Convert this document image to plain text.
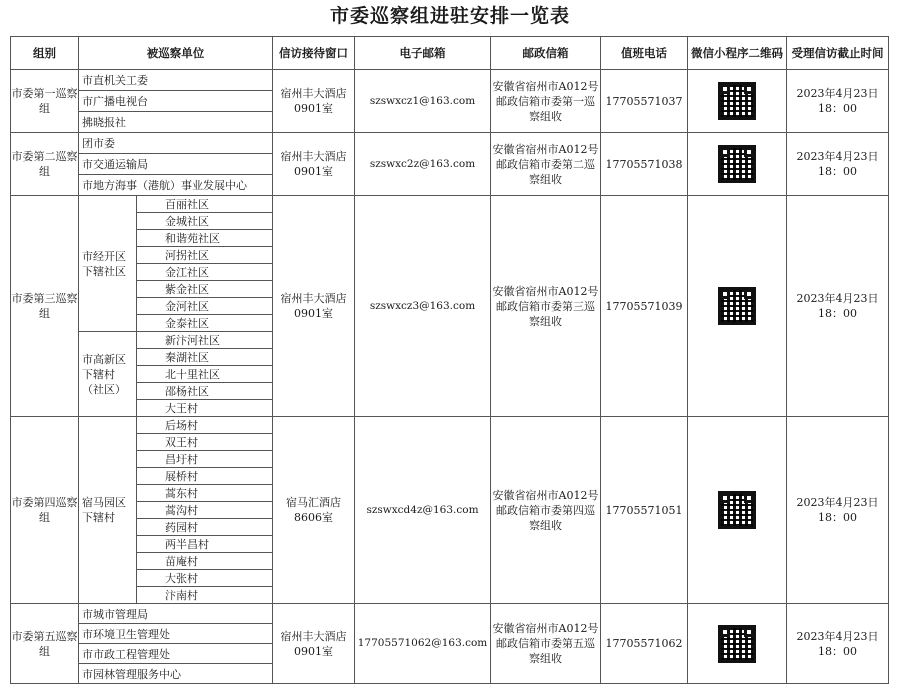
市委巡察组进驻安排一览表
组别	被巡察单位		信访接待窗口	电子邮箱	邮政信箱	值班电话	微信小程序二维码	受理信访截止时间
市委第一巡察组	市直机关工委		宿州丰大酒店0901室	szswxcz1@163.com	安徽省宿州市A012号邮政信箱市委第一巡察组收	17705571037		2023年4月23日18：00
	市广播电视台							
	拂晓报社							
市委第二巡察组	团市委		宿州丰大酒店0901室	szswxc2z@163.com	安徽省宿州市A012号邮政信箱市委第二巡察组收	17705571038		2023年4月23日18：00
	市交通运输局							
	市地方海事（港航）事业发展中心							
市委第三巡察组	市经开区下辖社区	百丽社区	宿州丰大酒店0901室	szswxcz3@163.com	安徽省宿州市A012号邮政信箱市委第三巡察组收	17705571039		2023年4月23日18：00
		金城社区						
		和谐苑社区						
		河拐社区						
		金江社区						
		紫金社区						
		金河社区						
		金泰社区						
	市高新区下辖村（社区）	新汴河社区						
		秦湖社区						
		北十里社区						
		邵杨社区						
		大王村						
市委第四巡察组	宿马园区下辖村	后场村	宿马汇酒店8606室	szswxcd4z@163.com	安徽省宿州市A012号邮政信箱市委第四巡察组收	17705571051		2023年4月23日18：00
		双王村						
		昌圩村						
		展桥村						
		蒿东村						
		蒿沟村						
		药园村						
		两半昌村						
		苗庵村						
		大张村						
		汴南村						
市委第五巡察组	市城市管理局		宿州丰大酒店0901室	17705571062@163.com	安徽省宿州市A012号邮政信箱市委第五巡察组收	17705571062		2023年4月23日18：00
	市环境卫生管理处							
	市市政工程管理处							
	市园林管理服务中心							
